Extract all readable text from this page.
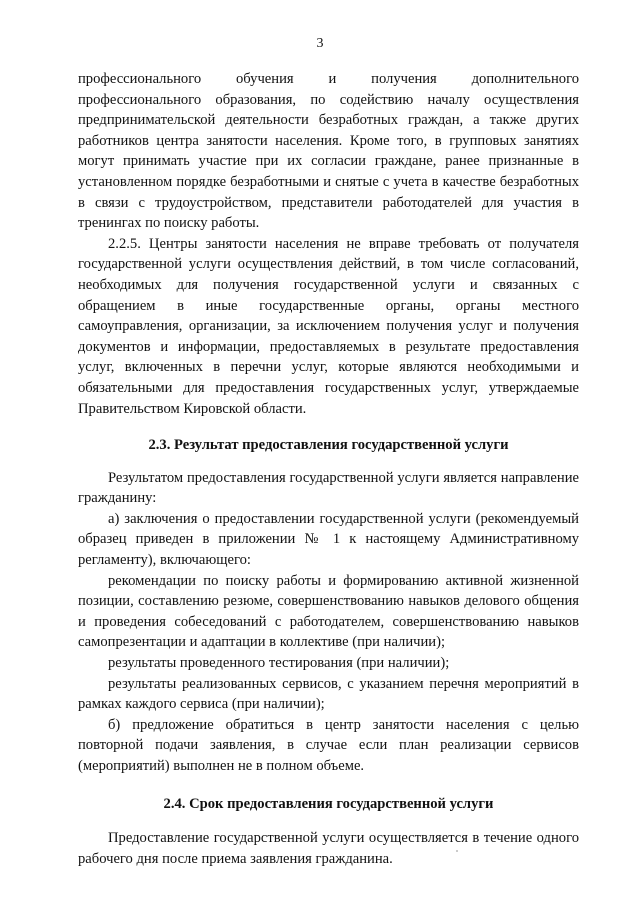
3

профессионального обучения и получения дополнительного профессионального образования, по содействию началу осуществления предпринимательской деятельности безработных граждан, а также других работников центра занятости населения. Кроме того, в групповых занятиях могут принимать участие при их согласии граждане, ранее признанные в установленном порядке безработными и снятые с учета в качестве безработных в связи с трудоустройством, представители работодателей для участия в тренингах по поиску работы.

2.2.5. Центры занятости населения не вправе требовать от получателя государственной услуги осуществления действий, в том числе согласований, необходимых для получения государственной услуги и связанных с обращением в иные государственные органы, органы местного самоуправления, организации, за исключением получения услуг и получения документов и информации, предоставляемых в результате предоставления услуг, включенных в перечни услуг, которые являются необходимыми и обязательными для предоставления государственных услуг, утверждаемые Правительством Кировской области.

2.3. Результат предоставления государственной услуги

Результатом предоставления государственной услуги является направление гражданину:

а) заключения о предоставлении государственной услуги (рекомендуемый образец приведен в приложении № 1 к настоящему Административному регламенту), включающего:

рекомендации по поиску работы и формированию активной жизненной позиции, составлению резюме, совершенствованию навыков делового общения и проведения собеседований с работодателем, совершенствованию навыков самопрезентации и адаптации в коллективе (при наличии);

результаты проведенного тестирования (при наличии);

результаты реализованных сервисов, с указанием перечня мероприятий в рамках каждого сервиса (при наличии);

б) предложение обратиться в центр занятости населения с целью повторной подачи заявления, в случае если план реализации сервисов (мероприятий) выполнен не в полном объеме.

2.4. Срок предоставления государственной услуги

Предоставление государственной услуги осуществляется в течение одного рабочего дня после приема заявления гражданина.
